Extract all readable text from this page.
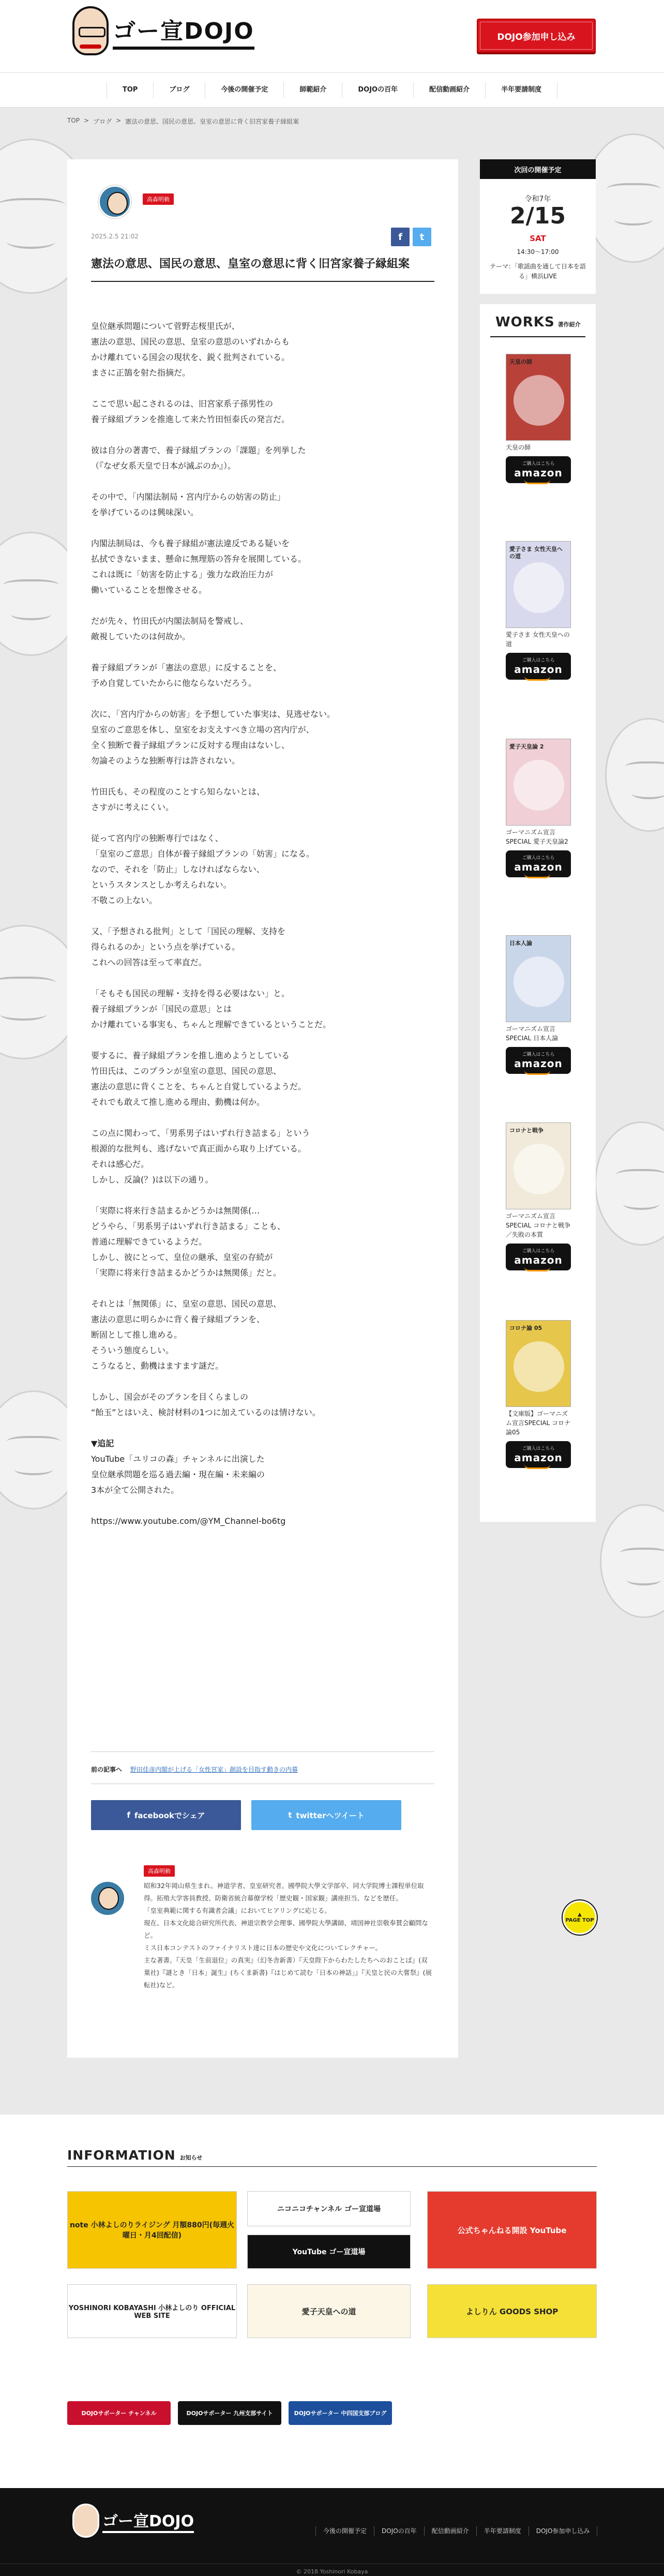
ゴー宣DOJO	DOJO参加申し込み
TOP	ブログ	今後の開催予定	師範紹介	DOJOの百年	配信動画紹介	半年要請制度
TOP > ブログ > 憲法の意思、国民の意思、皇室の意思に背く旧宮家養子縁組案
高森明勅
2025.2.5 21:02	f	t
憲法の意思、国民の意思、皇室の意思に背く旧宮家養子縁組案

皇位継承問題について菅野志桜里氏が、
憲法の意思、国民の意思、皇室の意思のいずれからも
かけ離れている国会の現状を、鋭く批判されている。
まさに正鵠を射た指摘だ。

ここで思い起こされるのは、旧宮家系子孫男性の
養子縁組プランを推進して来た竹田恒泰氏の発言だ。

彼は自分の著書で、養子縁組プランの「課題」を列挙した
（『なぜ女系天皇で日本が滅ぶのか』）。

その中で、「内閣法制局・宮内庁からの妨害の防止」
を挙げているのは興味深い。

内閣法制局は、今も養子縁組が憲法違反である疑いを
払拭できないまま、懸命に無理筋の答弁を展開している。
これは既に「妨害を防止する」強力な政治圧力が
働いていることを想像させる。

だが先々、竹田氏が内閣法制局を警戒し、
敵視していたのは何故か。

養子縁組プランが「憲法の意思」に反することを、
予め自覚していたからに他ならないだろう。

次に、「宮内庁からの妨害」を予想していた事実は、見逃せない。
皇室のご意思を体し、皇室をお支えすべき立場の宮内庁が、
全く独断で養子縁組プランに反対する理由はないし、
勿論そのような独断専行は許されない。

竹田氏も、その程度のことすら知らないとは、
さすがに考えにくい。

従って宮内庁の独断専行ではなく、
「皇室のご意思」自体が養子縁組プランの「妨害」になる。
なので、それを「防止」しなければならない、
というスタンスとしか考えられない。
不敬この上ない。

又、「予想される批判」として「国民の理解、支持を
得られるのか」という点を挙げている。
これへの回答は至って率直だ。

「そもそも国民の理解・支持を得る必要はない」と。
養子縁組プランが「国民の意思」とは
かけ離れている事実も、ちゃんと理解できているということだ。

要するに、養子縁組プランを推し進めようとしている
竹田氏は、このプランが皇室の意思、国民の意思、
憲法の意思に背くことを、ちゃんと自覚しているようだ。
それでも敢えて推し進める理由、動機は何か。

この点に関わって、「男系男子はいずれ行き詰まる」という
根源的な批判も、逃げないで真正面から取り上げている。
それは感心だ。
しかし、反論(？)は以下の通り。

「実際に将来行き詰まるかどうかは無関係(…
どうやら、「男系男子はいずれ行き詰まる」ことも、
普通に理解できているようだ。
しかし、彼にとって、皇位の継承、皇室の存続が
「実際に将来行き詰まるかどうかは無関係」だと。

それとは「無関係」に、皇室の意思、国民の意思、
憲法の意思に明らかに背く養子縁組プランを、
断固として推し進める。
そういう態度らしい。
こうなると、動機はますます謎だ。

しかし、国会がそのプランを目くらましの
“飴玉”とはいえ、検討材料の1つに加えているのは情けない。

▼追記

YouTube「ユリコの森」チャンネルに出演した
皇位継承問題を巡る過去編・現在編・未来編の
3本が全て公開された。

https://www.youtube.com/@YM_Channel-bo6tg

前の記事へ 野田佳彦内閣が上げる「女性宮家」創設を目指す動きの内幕
f facebookでシェア	t twitterへツイート
高森明勅
昭和32年岡山県生まれ。神道学者、皇室研究者。國學院大學文学部卒、同大学院博士課程単位取得。拓殖大学客員教授、防衛省統合幕僚学校「歴史観・国家観」講座担当、などを歴任。
「皇室典範に関する有識者会議」においてヒアリングに応じる。
現在、日本文化総合研究所代表、神道宗教学会理事、國學院大學講師、靖国神社崇敬奉賛会顧問など。
ミス日本コンテストのファイナリスト達に日本の歴史や文化についてレクチャー。
主な著書。『天皇「生前退位」の真実』（幻冬舎新書）『天皇陛下からわたしたちへのおことば』(双葉社)『謎とき「日本」誕生』(ちくま新書)『はじめて読む「日本の神話」』『天皇と民の大嘗祭』(展転社)など。
次回の開催予定
令和7年
2/15
SAT
14:30〜17:00
テーマ：「歌謡曲を通して日本を語る」横浜LIVE
WORKS 著作紹介
天皇の師
天皇の師
ご購入はこちら
amazon
愛子さま 女性天皇への道
愛子さま 女性天皇への道
ご購入はこちら
amazon
愛子天皇論 2
ゴーマニズム宣言SPECIAL 愛子天皇論2
ご購入はこちら
amazon
日本人論
ゴーマニズム宣言SPECIAL 日本人論
ご購入はこちら
amazon
コロナと戦争
ゴーマニズム宣言SPECIAL コロナと戦争／失敗の本質
ご購入はこちら
amazon
コロナ論 05
【文庫版】ゴーマニズム宣言SPECIAL コロナ論05
ご購入はこちら
amazon
▲
PAGE TOP
INFORMATION お知らせ
note 小林よしのりライジング 月額880円(毎週火曜日・月4回配信)
ニコニコチャンネル ゴー宣道場
公式ちゃんねる開設 YouTube
YouTube ゴー宣道場
YOSHINORI KOBAYASHI 小林よしのり OFFICIAL WEB SITE	愛子天皇への道	よしりん GOODS SHOP
DOJOサポーター チャンネル	DOJOサポーター 九州支部サイト	DOJOサポーター 中四国支部ブログ
ゴー宣DOJO
今後の開催予定	DOJOの百年	配信動画紹介	半年要請制度	DOJO参加申し込み
© 2018 Yoshinori Kobaya
